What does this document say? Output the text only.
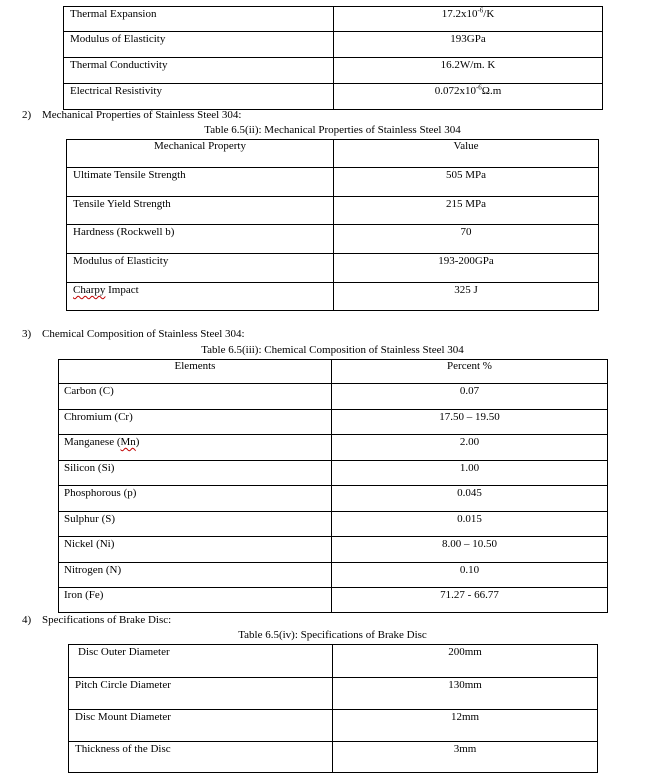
Thermal Expansion	$17.2x10^{-6}/K$
Modulus of Elasticity	193GPa
Thermal Conductivity	16.2W/m. K
Electrical Resistivity	$0.072x10^{-6}\Omega.m$
2) Mechanical Properties of Stainless Steel 304:
Table 6.5(ii): Mechanical Properties of Stainless Steel 304
Mechanical Property	Value
Ultimate Tensile Strength	505 MPa
Tensile Yield Strength	215 MPa
Hardness (Rockwell b)	70
Modulus of Elasticity	193-200GPa
Charpy Impact	325 J
3) Chemical Composition of Stainless Steel 304:
Table 6.5(iii): Chemical Composition of Stainless Steel 304
Elements	Percent %
Carbon (C)	0.07
Chromium (Cr)	17.50 – 19.50
Manganese (Mn)	2.00
Silicon (Si)	1.00
Phosphorous (p)	0.045
Sulphur (S)	0.015
Nickel (Ni)	8.00 – 10.50
Nitrogen (N)	0.10
Iron (Fe)	71.27 - 66.77
4) Specifications of Brake Disc:
Table 6.5(iv): Specifications of Brake Disc
Disc Outer Diameter	200mm
Pitch Circle Diameter	130mm
Disc Mount Diameter	12mm
Thickness of the Disc	3mm
